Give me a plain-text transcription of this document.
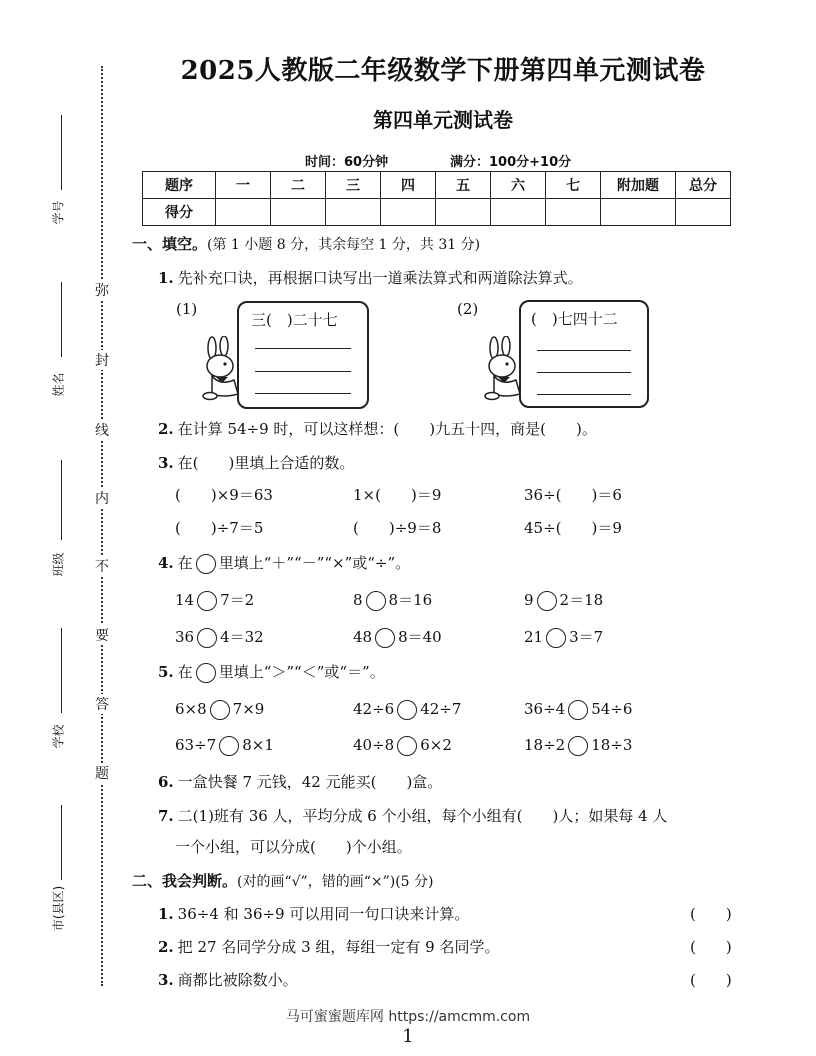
2025人教版二年级数学下册第四单元测试卷
第四单元测试卷
时间：60分钟	满分：100分+10分
题序	一	二	三	四	五	六	七	附加题	总分
得分									
弥
封
线
内
不
要
答
题
学号
姓名
班级
学校
市(县区)
一、填空。(第 1 小题 8 分，其余每空 1 分，共 31 分)
1. 先补充口诀，再根据口诀写出一道乘法算式和两道除法算式。
(1)
三(　)二十七
(2)
(　)七四十二
2. 在计算 54÷9 时，可以这样想：(　　)九五十四，商是(　　)。
3. 在(　　)里填上合适的数。
(　　)×9＝63	1×(　　)＝9	36÷(　　)＝6
(　　)÷7＝5	(　　)÷9＝8	45÷(　　)＝9
4. 在 里填上“＋”“－”“×”或“÷”。
14 7＝2	8 8＝16	9 2＝18
36 4＝32	48 8＝40	21 3＝7
5. 在 里填上“＞”“＜”或“＝”。
6×8 7×9	42÷6 42÷7	36÷4 54÷6
63÷7 8×1	40÷8 6×2	18÷2 18÷3
6. 一盒快餐 7 元钱，42 元能买(　　)盒。
7. 二(1)班有 36 人，平均分成 6 个小组，每个小组有(　　)人；如果每 4 人
一个小组，可以分成(　　)个小组。
二、我会判断。(对的画“√”，错的画“×”)(5 分)
1. 36÷4 和 36÷9 可以用同一句口诀来计算。	(　　)
2. 把 27 名同学分成 3 组，每组一定有 9 名同学。	(　　)
3. 商都比被除数小。	(　　)
马可蜜蜜题库网 https://amcmm.com
1
